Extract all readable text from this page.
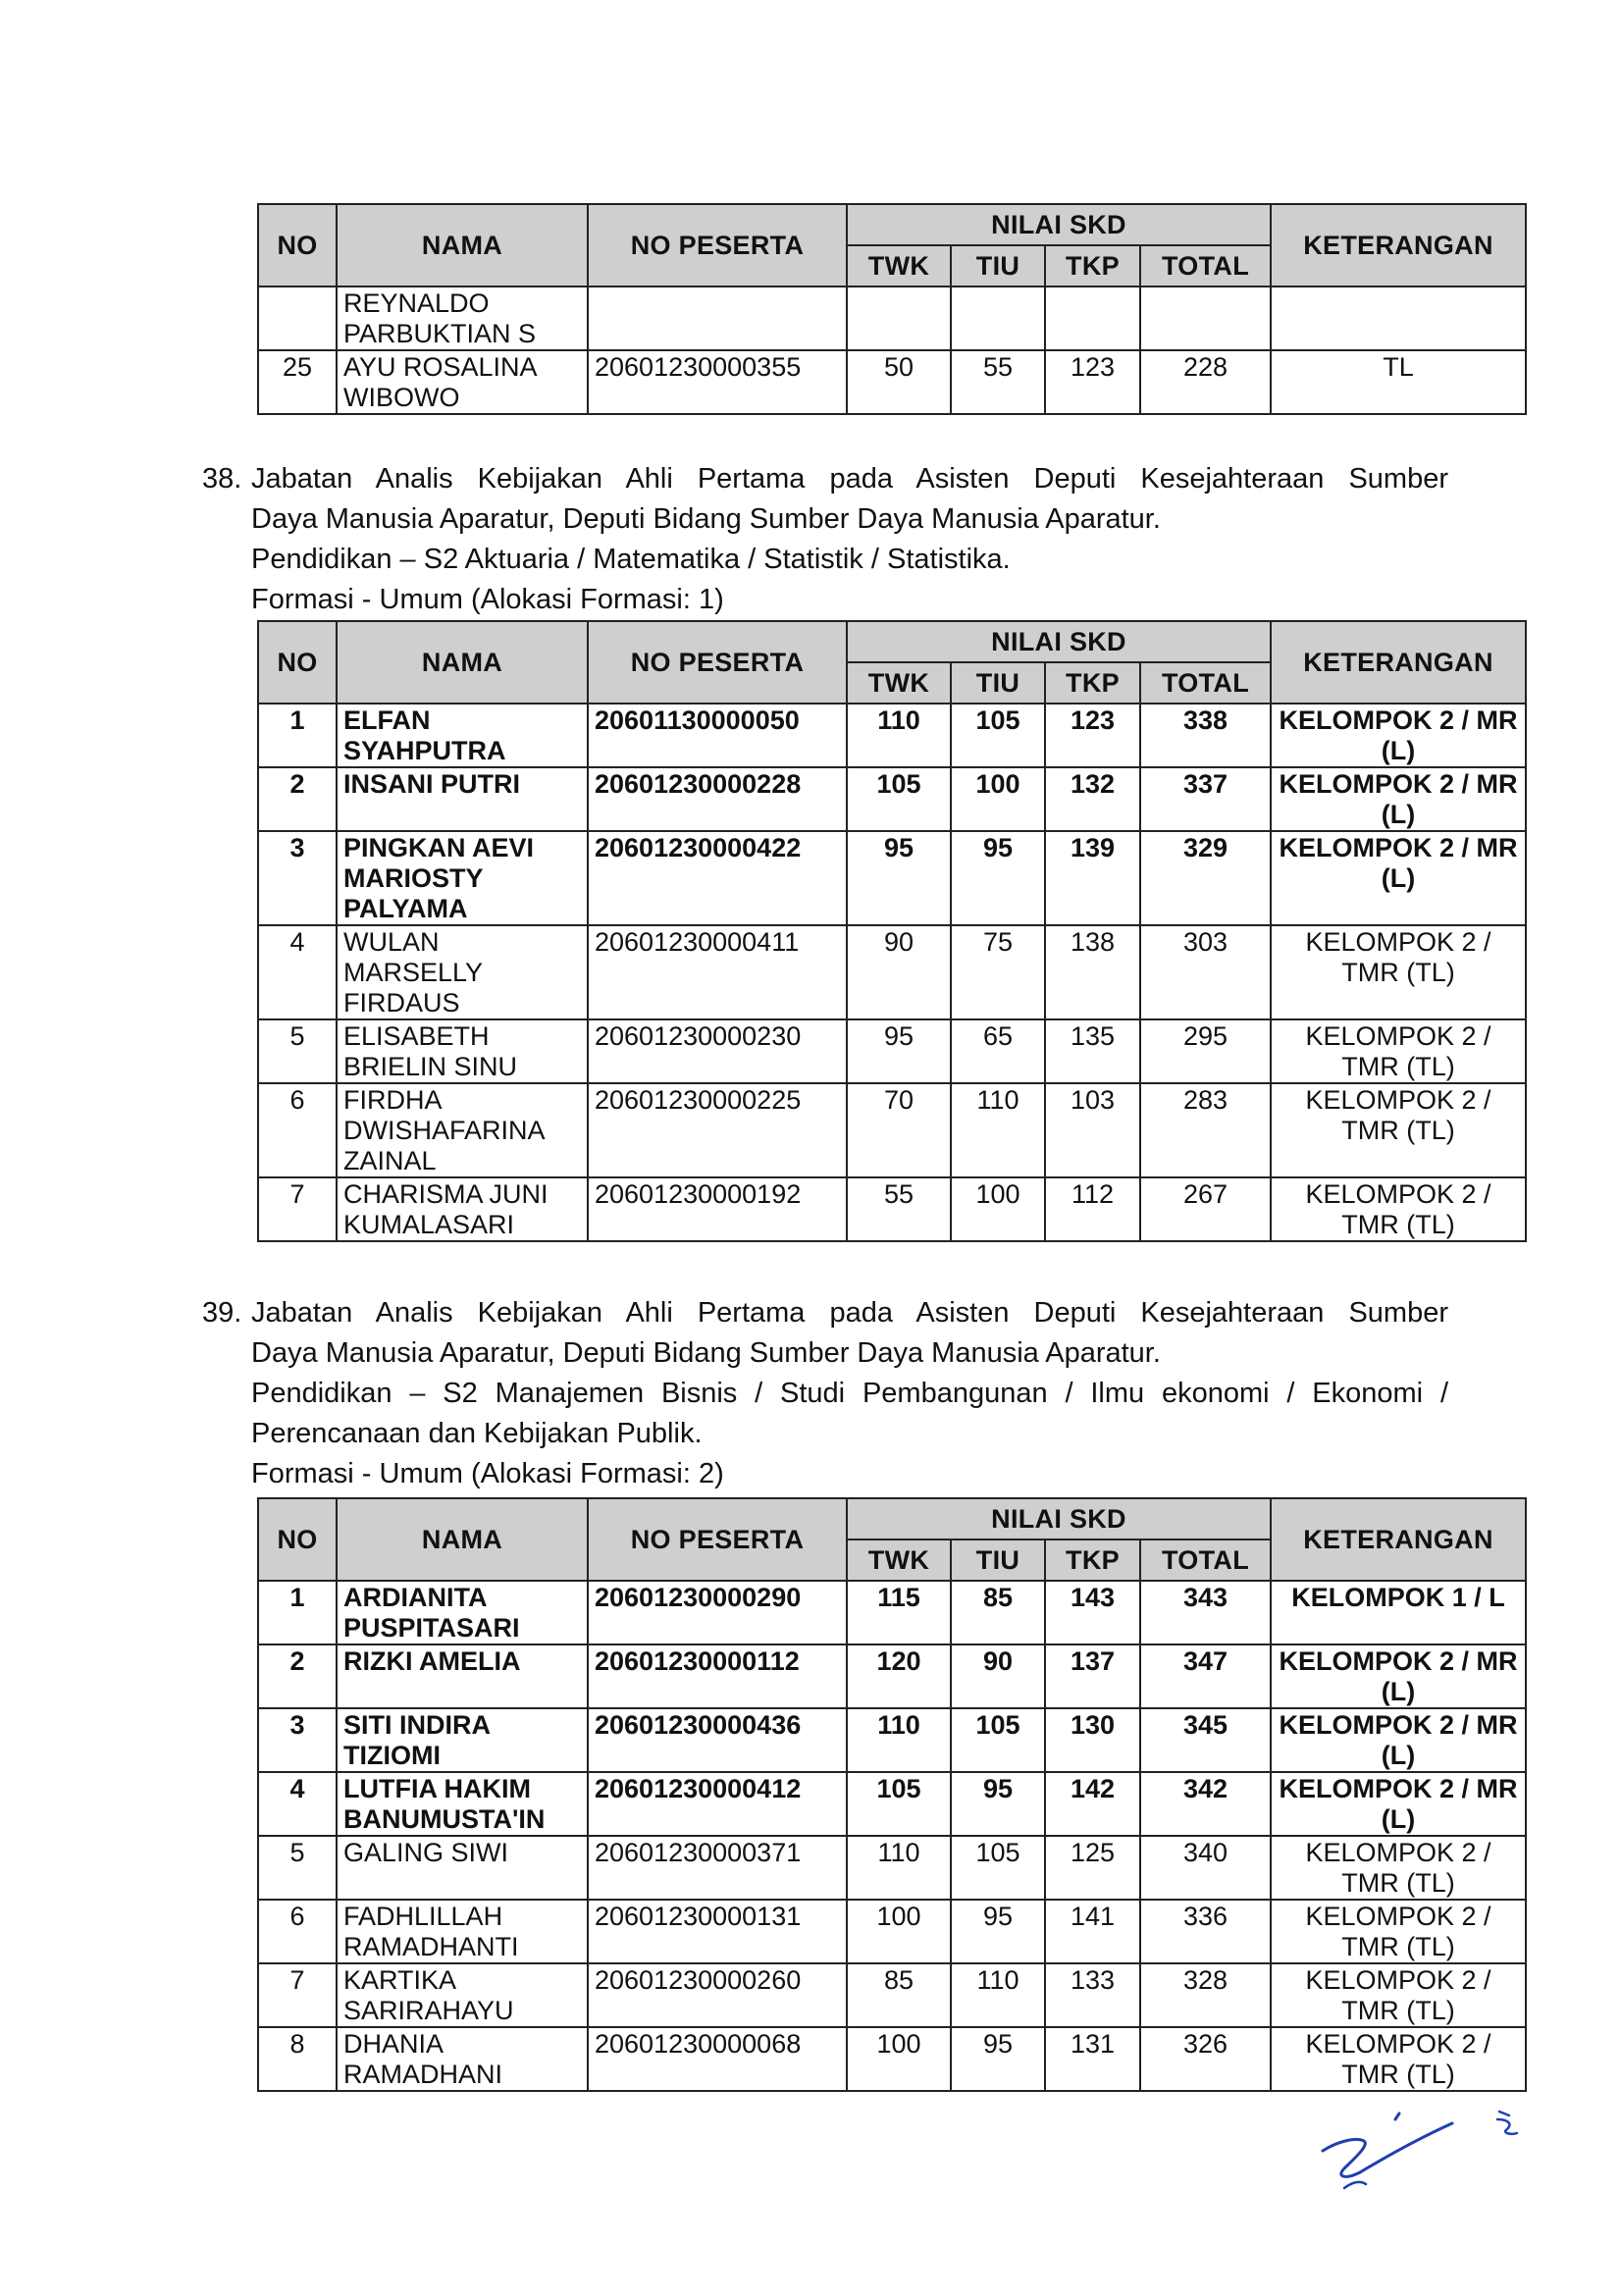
NO	NAMA	NO PESERTA	NILAI SKD				KETERANGAN
			TWK	TIU	TKP	TOTAL	
	REYNALDO PARBUKTIAN S						
25	AYU ROSALINA WIBOWO	20601230000355	50	55	123	228	TL
38. Jabatan Analis Kebijakan Ahli Pertama pada Asisten Deputi Kesejahteraan Sumber
Daya Manusia Aparatur, Deputi Bidang Sumber Daya Manusia Aparatur.
Pendidikan – S2 Aktuaria / Matematika / Statistik / Statistika.
Formasi - Umum (Alokasi Formasi: 1)
NO	NAMA	NO PESERTA	NILAI SKD				KETERANGAN
			TWK	TIU	TKP	TOTAL	
1	ELFAN SYAHPUTRA	20601130000050	110	105	123	338	KELOMPOK 2 / MR (L)
2	INSANI PUTRI	20601230000228	105	100	132	337	KELOMPOK 2 / MR (L)
3	PINGKAN AEVI MARIOSTY PALYAMA	20601230000422	95	95	139	329	KELOMPOK 2 / MR (L)
4	WULAN MARSELLY FIRDAUS	20601230000411	90	75	138	303	KELOMPOK 2 / TMR (TL)
5	ELISABETH BRIELIN SINU	20601230000230	95	65	135	295	KELOMPOK 2 / TMR (TL)
6	FIRDHA DWISHAFARINA ZAINAL	20601230000225	70	110	103	283	KELOMPOK 2 / TMR (TL)
7	CHARISMA JUNI KUMALASARI	20601230000192	55	100	112	267	KELOMPOK 2 / TMR (TL)
39. Jabatan Analis Kebijakan Ahli Pertama pada Asisten Deputi Kesejahteraan Sumber
Daya Manusia Aparatur, Deputi Bidang Sumber Daya Manusia Aparatur.
Pendidikan – S2 Manajemen Bisnis / Studi Pembangunan / Ilmu ekonomi / Ekonomi /
Perencanaan dan Kebijakan Publik.
Formasi - Umum (Alokasi Formasi: 2)
NO	NAMA	NO PESERTA	NILAI SKD				KETERANGAN
			TWK	TIU	TKP	TOTAL	
1	ARDIANITA PUSPITASARI	20601230000290	115	85	143	343	KELOMPOK 1 / L
2	RIZKI AMELIA	20601230000112	120	90	137	347	KELOMPOK 2 / MR (L)
3	SITI INDIRA TIZIOMI	20601230000436	110	105	130	345	KELOMPOK 2 / MR (L)
4	LUTFIA HAKIM BANUMUSTA'IN	20601230000412	105	95	142	342	KELOMPOK 2 / MR (L)
5	GALING SIWI	20601230000371	110	105	125	340	KELOMPOK 2 / TMR (TL)
6	FADHLILLAH RAMADHANTI	20601230000131	100	95	141	336	KELOMPOK 2 / TMR (TL)
7	KARTIKA SARIRAHAYU	20601230000260	85	110	133	328	KELOMPOK 2 / TMR (TL)
8	DHANIA RAMADHANI	20601230000068	100	95	131	326	KELOMPOK 2 / TMR (TL)
